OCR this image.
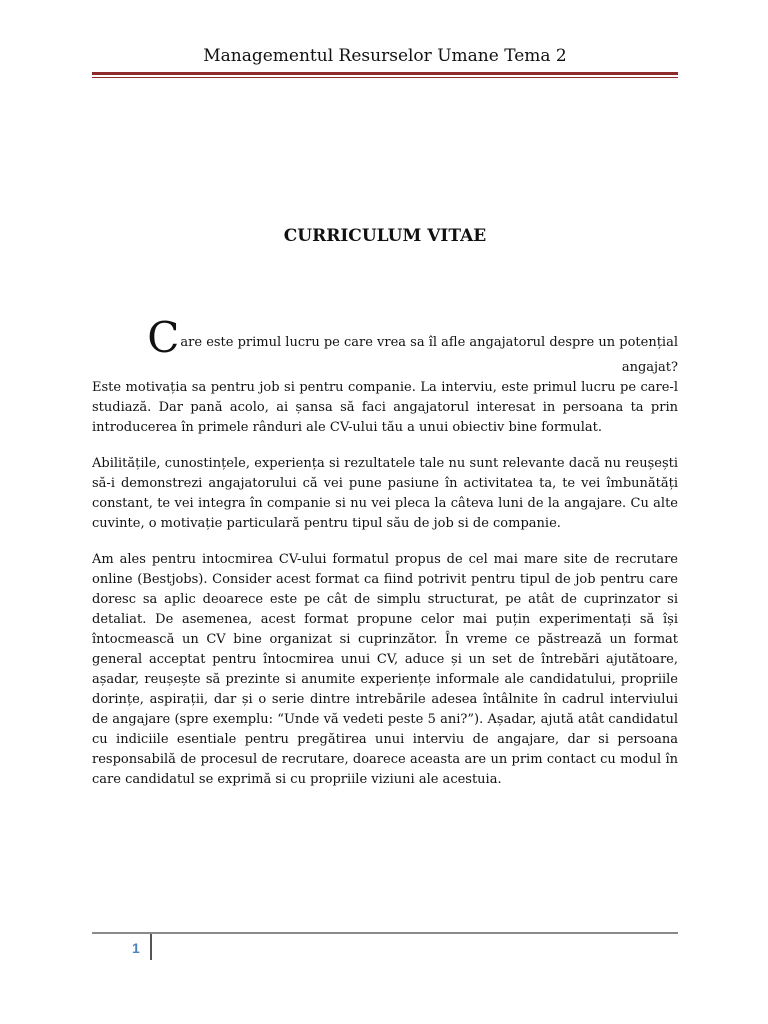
Managementul Resurselor Umane Tema 2
CURRICULUM VITAE

Care este primul lucru pe care vrea sa îl afle angajatorul despre un potențial angajat?
Este motivația sa pentru job si pentru companie. La interviu, este primul lucru pe care-l studiază. Dar pană acolo, ai șansa să faci angajatorul interesat in persoana ta prin introducerea în primele rânduri ale CV-ului tău a unui obiectiv bine formulat.

Abilitățile, cunostințele, experiența si rezultatele tale nu sunt relevante dacă nu reușești să-i demonstrezi angajatorului că vei pune pasiune în activitatea ta, te vei îmbunătăți constant, te vei integra în companie si nu vei pleca la câteva luni de la angajare. Cu alte cuvinte, o motivație particulară pentru tipul său de job si de companie.

Am ales pentru intocmirea CV-ului formatul propus de cel mai mare site de recrutare online (Bestjobs). Consider acest format ca fiind potrivit pentru tipul de job pentru care doresc sa aplic deoarece este pe cât de simplu structurat, pe atât de cuprinzator si detaliat. De asemenea, acest format propune celor mai puțin experimentați să își întocmească un CV bine organizat si cuprinzător. În vreme ce păstrează un format general acceptat pentru întocmirea unui CV, aduce și un set de întrebări ajutătoare, așadar, reușește să prezinte si anumite experiențe informale ale candidatului, propriile dorințe, aspirații, dar și o serie dintre intrebările adesea întâlnite în cadrul interviului de angajare (spre exemplu: “Unde vă vedeti peste 5 ani?”). Așadar, ajută atât candidatul cu indiciile esentiale pentru pregătirea unui interviu de angajare, dar si persoana responsabilă de procesul de recrutare, doarece aceasta are un prim contact cu modul în care candidatul se exprimă si cu propriile viziuni ale acestuia.

1
